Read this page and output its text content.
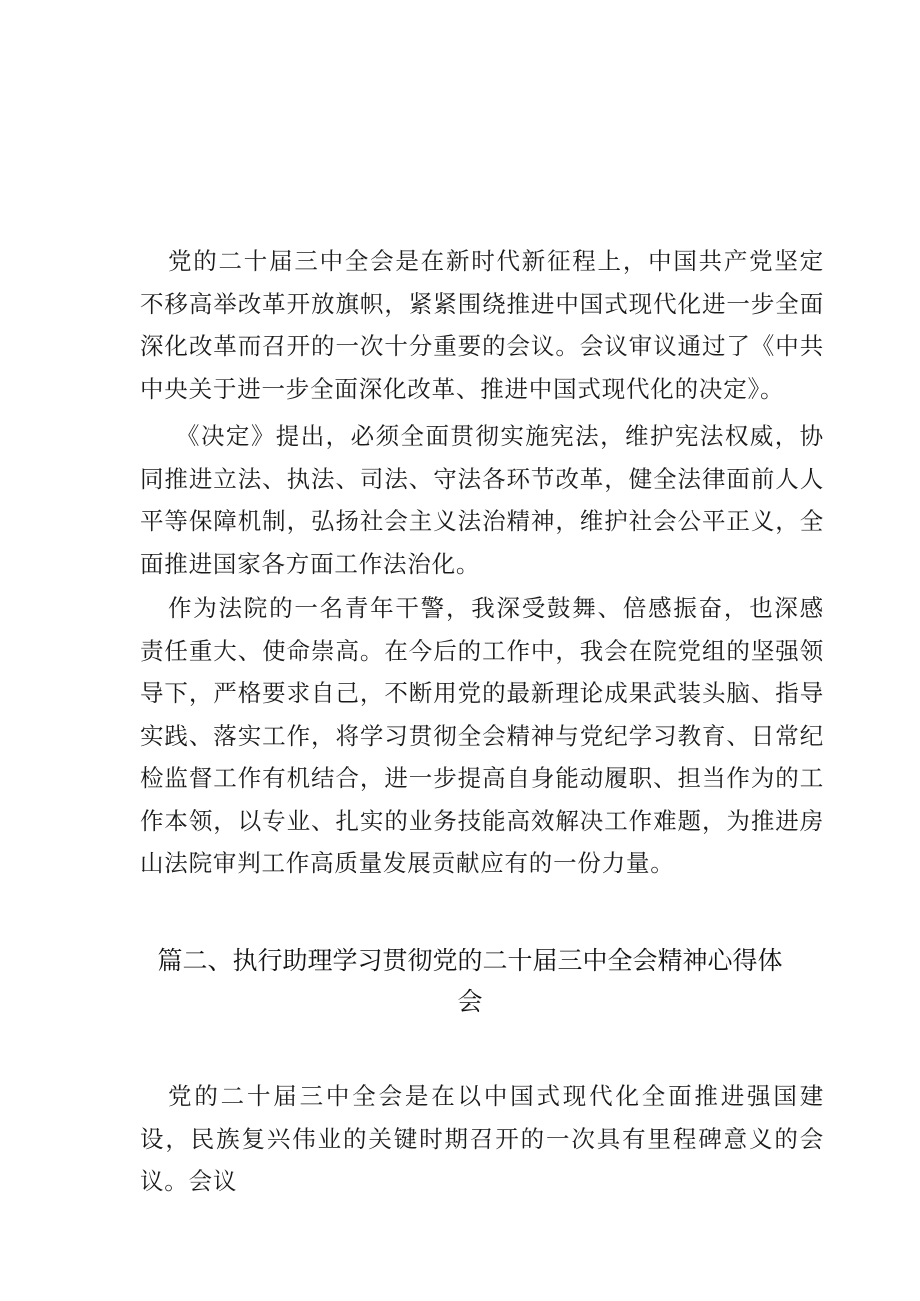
党的二十届三中全会是在新时代新征程上，中国共产党坚定不移高举改革开放旗帜，紧紧围绕推进中国式现代化进一步全面深化改革而召开的一次十分重要的会议。会议审议通过了《中共中央关于进一步全面深化改革、推进中国式现代化的决定》。

《决定》提出，必须全面贯彻实施宪法，维护宪法权威，协同推进立法、执法、司法、守法各环节改革，健全法律面前人人平等保障机制，弘扬社会主义法治精神，维护社会公平正义，全面推进国家各方面工作法治化。

作为法院的一名青年干警，我深受鼓舞、倍感振奋，也深感责任重大、使命崇高。在今后的工作中，我会在院党组的坚强领导下，严格要求自己，不断用党的最新理论成果武装头脑、指导实践、落实工作，将学习贯彻全会精神与党纪学习教育、日常纪检监督工作有机结合，进一步提高自身能动履职、担当作为的工作本领，以专业、扎实的业务技能高效解决工作难题，为推进房山法院审判工作高质量发展贡献应有的一份力量。

篇二、执行助理学习贯彻党的二十届三中全会精神心得体会

党的二十届三中全会是在以中国式现代化全面推进强国建设，民族复兴伟业的关键时期召开的一次具有里程碑意义的会议。会议
